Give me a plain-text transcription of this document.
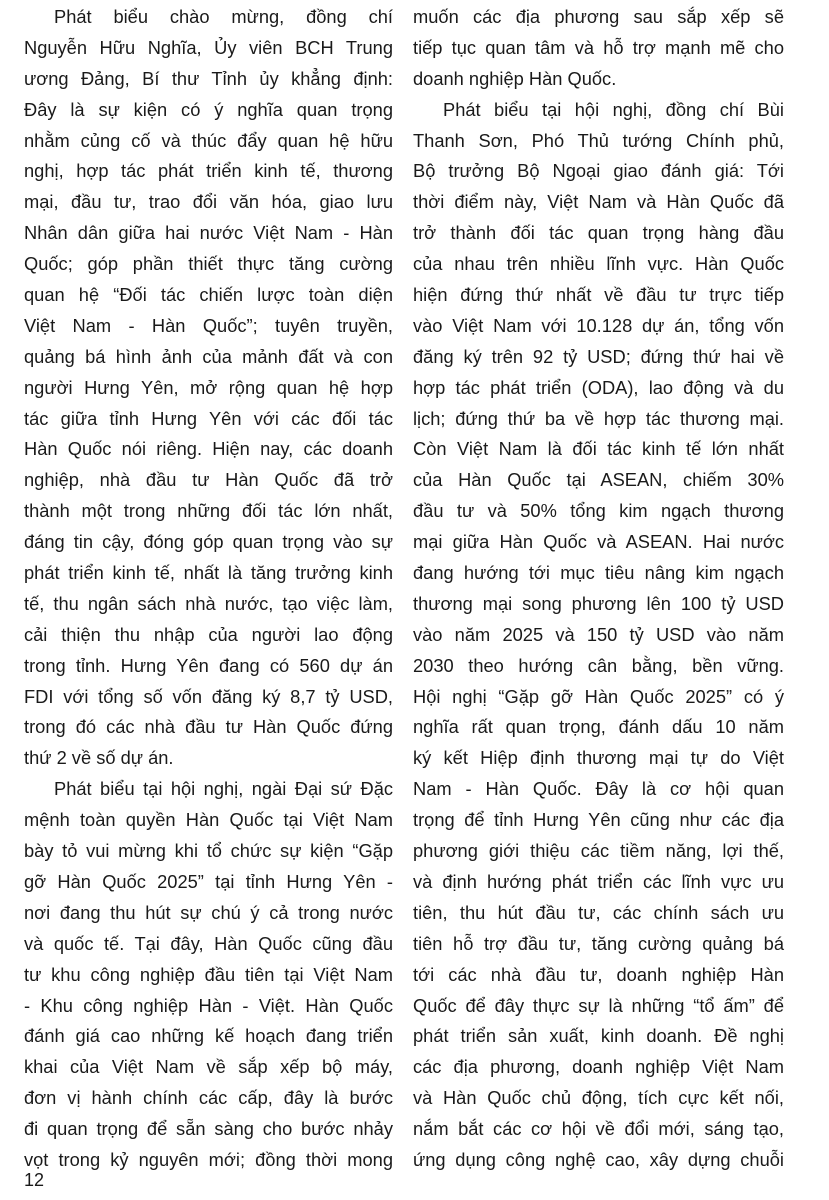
Phát biểu chào mừng, đồng chí
Nguyễn Hữu Nghĩa, Ủy viên BCH Trung
ương Đảng, Bí thư Tỉnh ủy khẳng định:
Đây là sự kiện có ý nghĩa quan trọng
nhằm củng cố và thúc đẩy quan hệ hữu
nghị, hợp tác phát triển kinh tế, thương
mại, đầu tư, trao đổi văn hóa, giao lưu
Nhân dân giữa hai nước Việt Nam - Hàn
Quốc; góp phần thiết thực tăng cường
quan hệ “Đối tác chiến lược toàn diện
Việt Nam - Hàn Quốc”; tuyên truyền,
quảng bá hình ảnh của mảnh đất và con
người Hưng Yên, mở rộng quan hệ hợp
tác giữa tỉnh Hưng Yên với các đối tác
Hàn Quốc nói riêng. Hiện nay, các doanh
nghiệp, nhà đầu tư Hàn Quốc đã trở
thành một trong những đối tác lớn nhất,
đáng tin cậy, đóng góp quan trọng vào sự
phát triển kinh tế, nhất là tăng trưởng kinh
tế, thu ngân sách nhà nước, tạo việc làm,
cải thiện thu nhập của người lao động
trong tỉnh. Hưng Yên đang có 560 dự án
FDI với tổng số vốn đăng ký 8,7 tỷ USD,
trong đó các nhà đầu tư Hàn Quốc đứng
thứ 2 về số dự án.
Phát biểu tại hội nghị, ngài Đại sứ Đặc
mệnh toàn quyền Hàn Quốc tại Việt Nam
bày tỏ vui mừng khi tổ chức sự kiện “Gặp
gỡ Hàn Quốc 2025” tại tỉnh Hưng Yên -
nơi đang thu hút sự chú ý cả trong nước
và quốc tế. Tại đây, Hàn Quốc cũng đầu
tư khu công nghiệp đầu tiên tại Việt Nam
- Khu công nghiệp Hàn - Việt. Hàn Quốc
đánh giá cao những kế hoạch đang triển
khai của Việt Nam về sắp xếp bộ máy,
đơn vị hành chính các cấp, đây là bước
đi quan trọng để sẵn sàng cho bước nhảy
vọt trong kỷ nguyên mới; đồng thời mong
muốn các địa phương sau sắp xếp sẽ
tiếp tục quan tâm và hỗ trợ mạnh mẽ cho
doanh nghiệp Hàn Quốc.
Phát biểu tại hội nghị, đồng chí Bùi
Thanh Sơn, Phó Thủ tướng Chính phủ,
Bộ trưởng Bộ Ngoại giao đánh giá: Tới
thời điểm này, Việt Nam và Hàn Quốc đã
trở thành đối tác quan trọng hàng đầu
của nhau trên nhiều lĩnh vực. Hàn Quốc
hiện đứng thứ nhất về đầu tư trực tiếp
vào Việt Nam với 10.128 dự án, tổng vốn
đăng ký trên 92 tỷ USD; đứng thứ hai về
hợp tác phát triển (ODA), lao động và du
lịch; đứng thứ ba về hợp tác thương mại.
Còn Việt Nam là đối tác kinh tế lớn nhất
của Hàn Quốc tại ASEAN, chiếm 30%
đầu tư và 50% tổng kim ngạch thương
mại giữa Hàn Quốc và ASEAN. Hai nước
đang hướng tới mục tiêu nâng kim ngạch
thương mại song phương lên 100 tỷ USD
vào năm 2025 và 150 tỷ USD vào năm
2030 theo hướng cân bằng, bền vững.
Hội nghị “Gặp gỡ Hàn Quốc 2025” có ý
nghĩa rất quan trọng, đánh dấu 10 năm
ký kết Hiệp định thương mại tự do Việt
Nam - Hàn Quốc. Đây là cơ hội quan
trọng để tỉnh Hưng Yên cũng như các địa
phương giới thiệu các tiềm năng, lợi thế,
và định hướng phát triển các lĩnh vực ưu
tiên, thu hút đầu tư, các chính sách ưu
tiên hỗ trợ đầu tư, tăng cường quảng bá
tới các nhà đầu tư, doanh nghiệp Hàn
Quốc để đây thực sự là những “tổ ấm” để
phát triển sản xuất, kinh doanh. Đề nghị
các địa phương, doanh nghiệp Việt Nam
và Hàn Quốc chủ động, tích cực kết nối,
nắm bắt các cơ hội về đổi mới, sáng tạo,
ứng dụng công nghệ cao, xây dựng chuỗi
12
